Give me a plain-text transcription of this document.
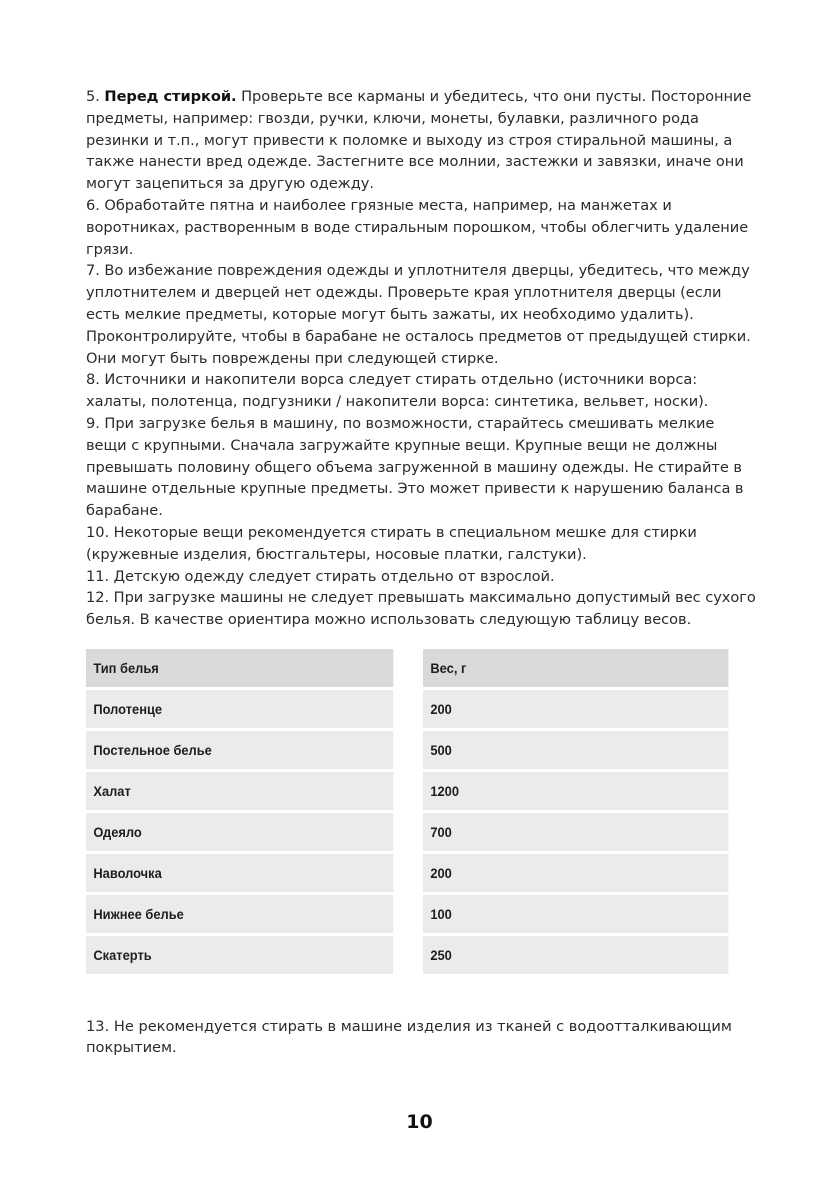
5. Перед стиркой. Проверьте все карманы и убедитесь, что они пусты. Посторонние предметы, например: гвозди, ручки, ключи, монеты, булавки, различного рода резинки и т.п., могут привести к поломке и выходу из строя стиральной машины, а также нанести вред одежде. Застегните все молнии, застежки и завязки, иначе они могут зацепиться за другую одежду.

6. Обработайте пятна и наиболее грязные места, например, на манжетах и воротниках, растворенным в воде стиральным порошком, чтобы облегчить удаление грязи.

7. Во избежание повреждения одежды и уплотнителя дверцы, убедитесь, что между уплотнителем и дверцей нет одежды. Проверьте края уплотнителя дверцы (если есть мелкие предметы, которые могут быть зажаты, их необходимо удалить). Проконтролируйте, чтобы в барабане не осталось предметов от предыдущей стирки. Они могут быть повреждены при следующей стирке.

8. Источники и накопители ворса следует стирать отдельно (источники ворса: халаты, полотенца, подгузники / накопители ворса: синтетика, вельвет, носки).

9. При загрузке белья в машину, по возможности, старайтесь смешивать мелкие вещи с крупными. Сначала загружайте крупные вещи. Крупные вещи не должны превышать половину общего объема загруженной в машину одежды. Не стирайте в машине отдельные крупные предметы. Это может привести к нарушению баланса в барабане.

10. Некоторые вещи рекомендуется стирать в специальном мешке для стирки (кружевные изделия, бюстгальтеры, носовые платки, галстуки).

11. Детскую одежду следует стирать отдельно от взрослой.

12. При загрузке машины не следует превышать максимально допустимый вес сухого белья. В качестве ориентира можно использовать следующую таблицу весов.

Тип белья	Вес, г
Полотенце	200
Постельное белье	500
Халат	1200
Одеяло	700
Наволочка	200
Нижнее белье	100
Скатерть	250

13. Не рекомендуется стирать в машине изделия из тканей с водоотталкивающим покрытием.

10
